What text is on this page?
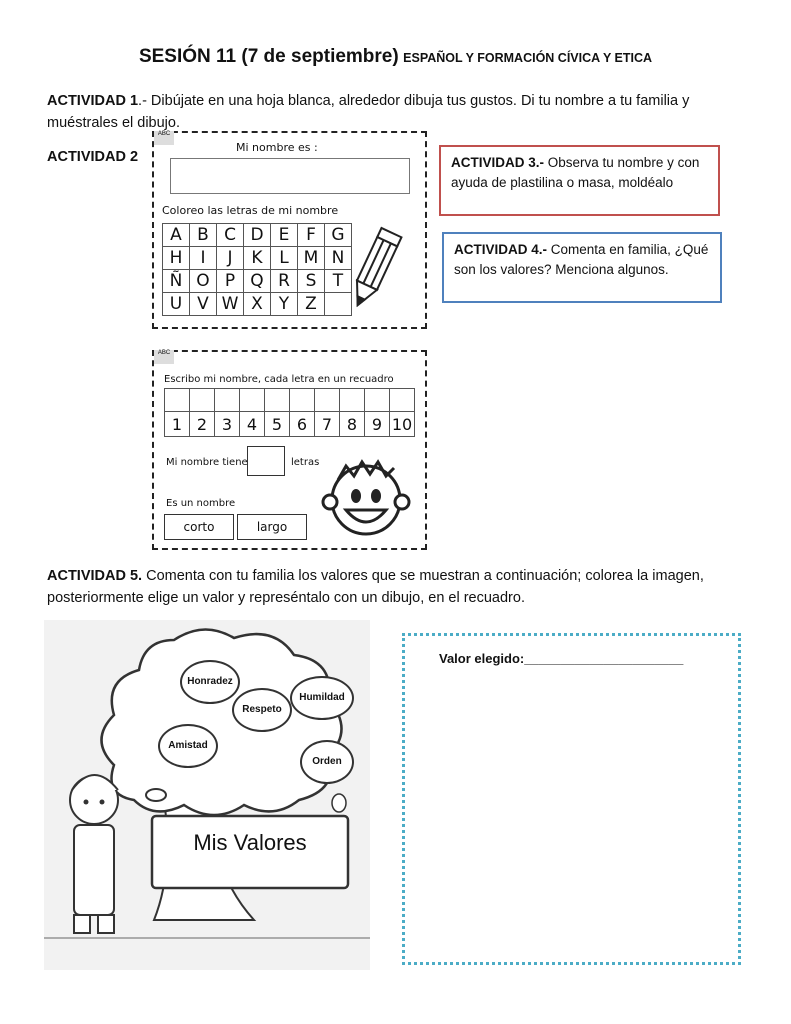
SESIÓN 11 (7 de septiembre) ESPAÑOL Y FORMACIÓN CÍVICA Y ETICA
ACTIVIDAD 1.- Dibújate en una hoja blanca, alrededor dibuja tus gustos. Di tu nombre a tu familia y muéstrales el dibujo.
ACTIVIDAD 2
ABC
Mi nombre es :
Coloreo las letras de mi nombre
A	B	C	D	E	F	G
H	I	J	K	L	M	N
Ñ	O	P	Q	R	S	T
U	V	W	X	Y	Z	
ABC
Escribo mi nombre, cada letra en un recuadro

1	2	3	4	5	6	7	8	9	10
Mi nombre tiene	letras
Es un nombre
corto	largo
ACTIVIDAD 3.- Observa tu nombre y con ayuda de plastilina o masa, moldéalo
ACTIVIDAD 4.- Comenta en familia, ¿Qué son los valores? Menciona algunos.
ACTIVIDAD 5. Comenta con tu familia los valores que se muestran a continuación; colorea la imagen, posteriormente elige un valor y represéntalo con un dibujo, en el recuadro.
Honradez
Humildad
Respeto
Amistad
Orden
Mis Valores
Valor elegido:______________________
